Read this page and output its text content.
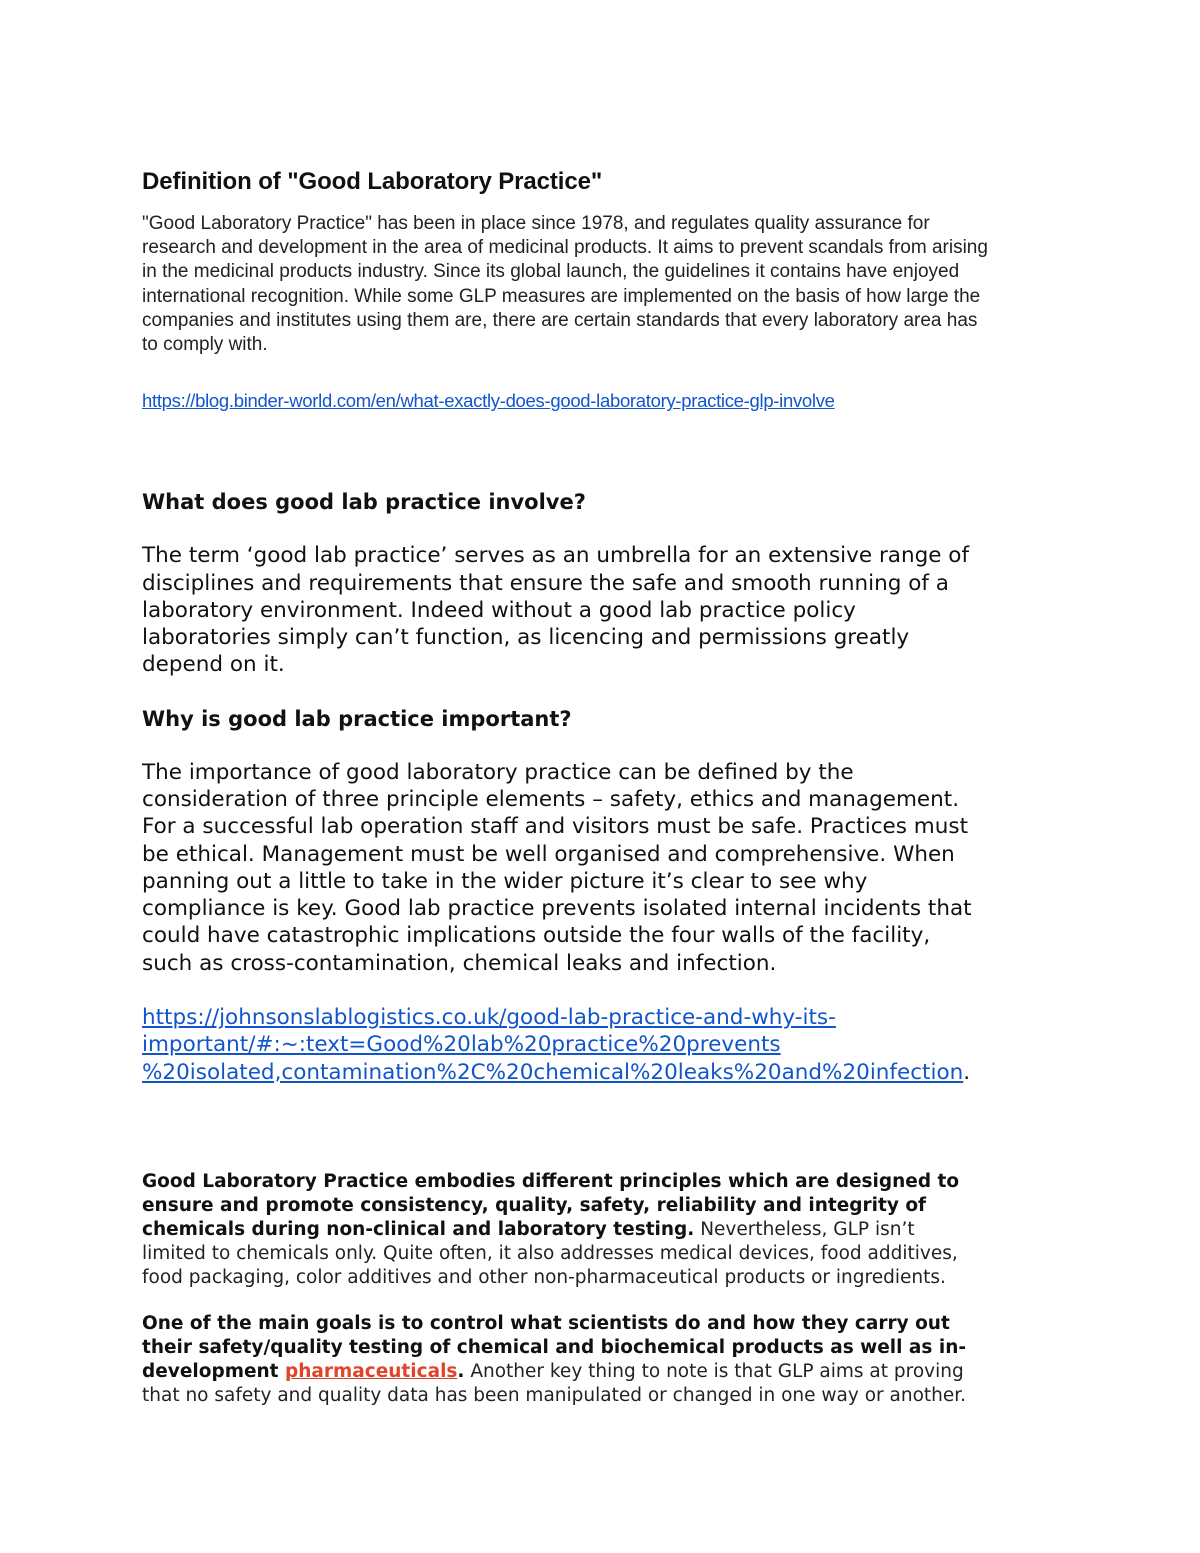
Definition of "Good Laboratory Practice"

"Good Laboratory Practice" has been in place since 1978, and regulates quality assurance for
research and development in the area of medicinal products. It aims to prevent scandals from arising
in the medicinal products industry. Since its global launch, the guidelines it contains have enjoyed
international recognition. While some GLP measures are implemented on the basis of how large the
companies and institutes using them are, there are certain standards that every laboratory area has
to comply with.

https://blog.binder-world.com/en/what-exactly-does-good-laboratory-practice-glp-involve
What does good lab practice involve?

The term ‘good lab practice’ serves as an umbrella for an extensive range of
disciplines and requirements that ensure the safe and smooth running of a
laboratory environment. Indeed without a good lab practice policy
laboratories simply can’t function, as licencing and permissions greatly
depend on it.

Why is good lab practice important?

The importance of good laboratory practice can be defined by the
consideration of three principle elements – safety, ethics and management.
For a successful lab operation staff and visitors must be safe. Practices must
be ethical. Management must be well organised and comprehensive. When
panning out a little to take in the wider picture it’s clear to see why
compliance is key. Good lab practice prevents isolated internal incidents that
could have catastrophic implications outside the four walls of the facility,
such as cross-contamination, chemical leaks and infection.

https://johnsonslablogistics.co.uk/good-lab-practice-and-why-its-
important/#:~:text=Good%20lab%20practice%20prevents
%20isolated,contamination%2C%20chemical%20leaks%20and%20infection.

Good Laboratory Practice embodies different principles which are designed to
ensure and promote consistency, quality, safety, reliability and integrity of
chemicals during non-clinical and laboratory testing. Nevertheless, GLP isn’t
limited to chemicals only. Quite often, it also addresses medical devices, food additives,
food packaging, color additives and other non-pharmaceutical products or ingredients.

One of the main goals is to control what scientists do and how they carry out
their safety/quality testing of chemical and biochemical products as well as in-
development pharmaceuticals. Another key thing to note is that GLP aims at proving
that no safety and quality data has been manipulated or changed in one way or another.
